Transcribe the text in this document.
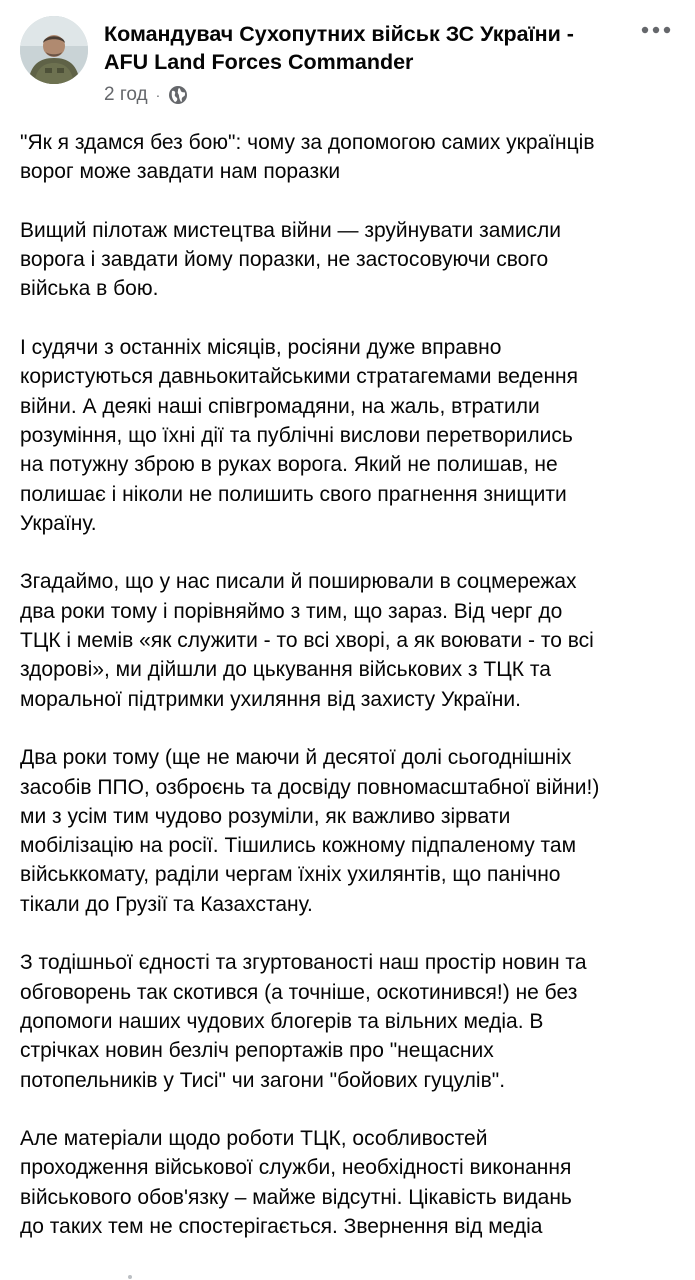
Командувач Сухопутних військ ЗС України -
AFU Land Forces Commander
2 год ·

"Як я здамся без бою": чому за допомогою самих українців
ворог може завдати нам поразки

Вищий пілотаж мистецтва війни — зруйнувати замисли
ворога і завдати йому поразки, не застосовуючи свого
війська в бою.

І судячи з останніх місяців, росіяни дуже вправно
користуються давньокитайськими стратагемами ведення
війни. А деякі наші співгромадяни, на жаль, втратили
розуміння, що їхні дії та публічні вислови перетворились
на потужну зброю в руках ворога. Який не полишав, не
полишає і ніколи не полишить свого прагнення знищити
Україну.

Згадаймо, що у нас писали й поширювали в соцмережах
два роки тому і порівняймо з тим, що зараз. Від черг до
ТЦК і мемів «як служити - то всі хворі, а як воювати - то всі
здорові», ми дійшли до цькування військових з ТЦК та
моральної підтримки ухиляння від захисту України.

Два роки тому (ще не маючи й десятої долі сьогоднішніх
засобів ППО, озброєнь та досвіду повномасштабної війни!)
ми з усім тим чудово розуміли, як важливо зірвати
мобілізацію на росії. Тішились кожному підпаленому там
військкомату, раділи чергам їхніх ухилянтів, що панічно
тікали до Грузії та Казахстану.

З тодішньої єдності та згуртованості наш простір новин та
обговорень так скотився (а точніше, оскотинився!) не без
допомоги наших чудових блогерів та вільних медіа. В
стрічках новин безліч репортажів про "нещасних
потопельників у Тисі" чи загони "бойових гуцулів".

Але матеріали щодо роботи ТЦК, особливостей
проходження військової служби, необхідності виконання
військового обов'язку – майже відсутні. Цікавість видань
до таких тем не спостерігається. Звернення від медіа
